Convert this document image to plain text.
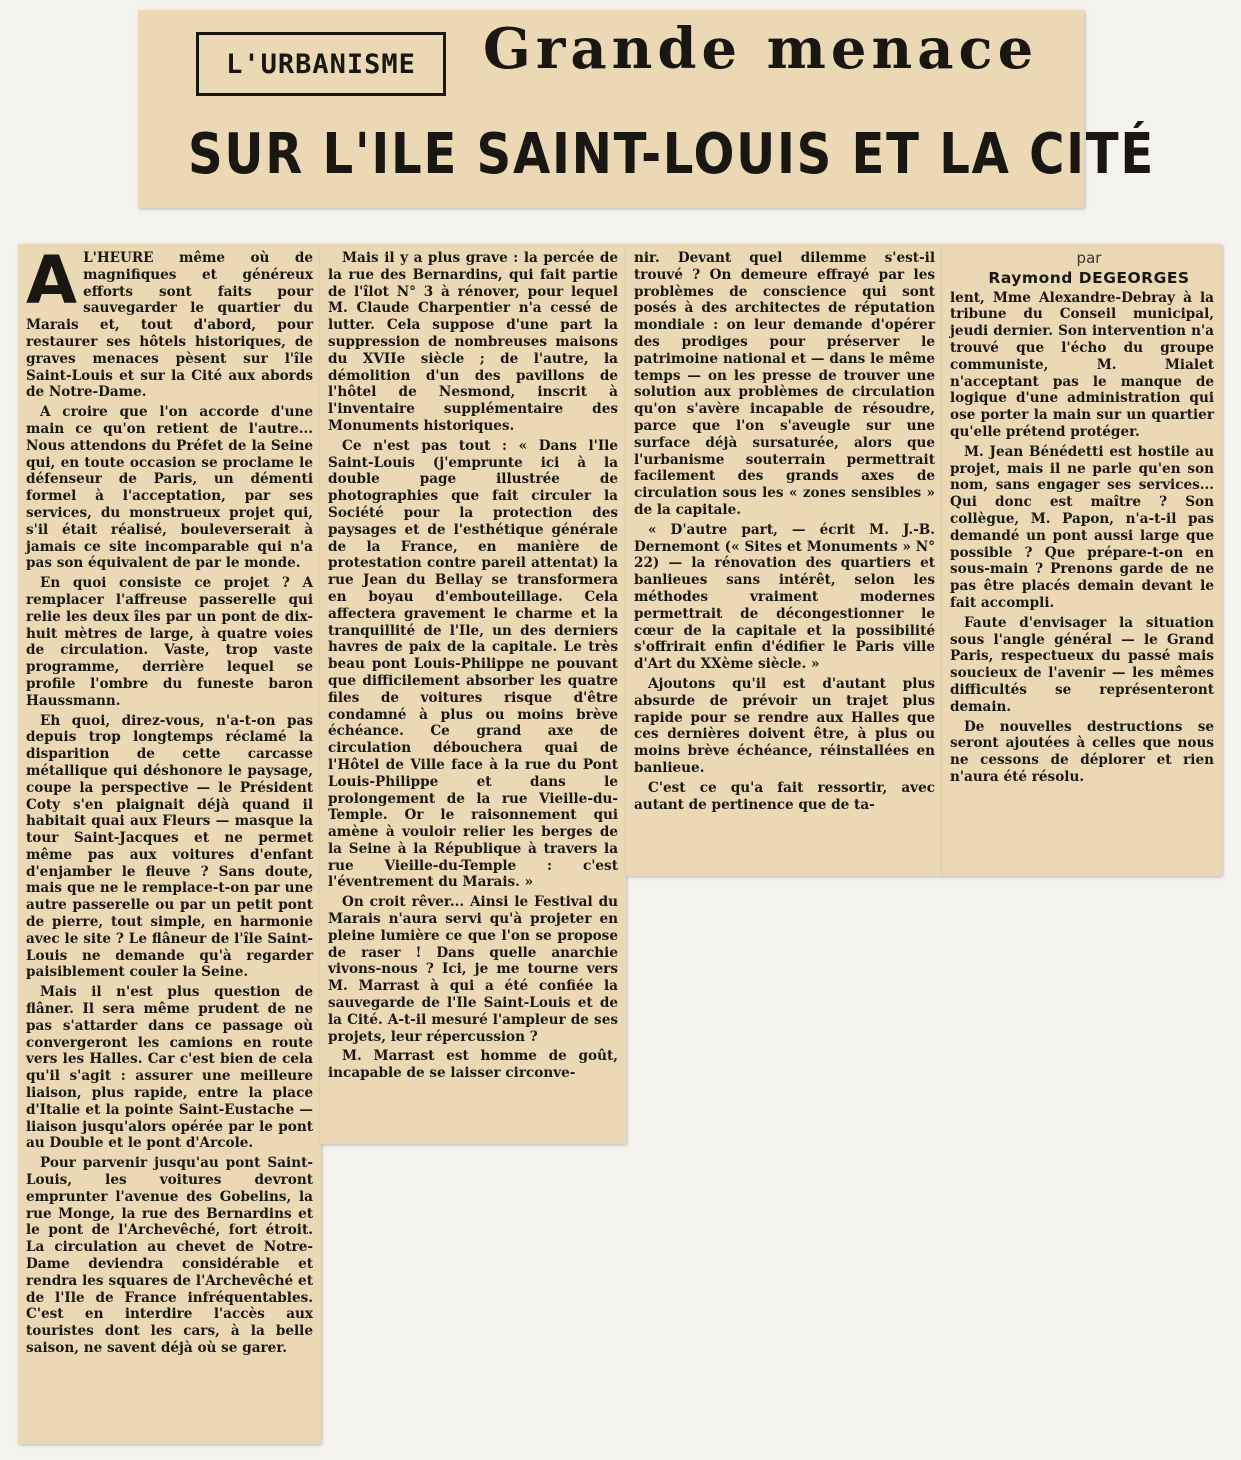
L'URBANISME	Grande menace
SUR L'ILE SAINT-LOUIS ET LA CITÉ
A L'HEURE même où de magnifiques et généreux efforts sont faits pour sauvegarder le quartier du Marais et, tout d'abord, pour restaurer ses hôtels historiques, de graves menaces pèsent sur l'île Saint-Louis et sur la Cité aux abords de Notre-Dame.

A croire que l'on accorde d'une main ce qu'on retient de l'autre... Nous attendons du Préfet de la Seine qui, en toute occasion se proclame le défenseur de Paris, un démenti formel à l'acceptation, par ses services, du monstrueux projet qui, s'il était réalisé, bouleverserait à jamais ce site incomparable qui n'a pas son équivalent de par le monde.

En quoi consiste ce projet ? A remplacer l'affreuse passerelle qui relie les deux îles par un pont de dix-huit mètres de large, à quatre voies de circulation. Vaste, trop vaste programme, derrière lequel se profile l'ombre du funeste baron Haussmann.

Eh quoi, direz-vous, n'a-t-on pas depuis trop longtemps réclamé la disparition de cette carcasse métallique qui déshonore le paysage, coupe la perspective — le Président Coty s'en plaignait déjà quand il habitait quai aux Fleurs — masque la tour Saint-Jacques et ne permet même pas aux voitures d'enfant d'enjamber le fleuve ? Sans doute, mais que ne le remplace-t-on par une autre passerelle ou par un petit pont de pierre, tout simple, en harmonie avec le site ? Le flâneur de l'île Saint-Louis ne demande qu'à regarder paisiblement couler la Seine.

Mais il n'est plus question de flâner. Il sera même prudent de ne pas s'attarder dans ce passage où convergeront les camions en route vers les Halles. Car c'est bien de cela qu'il s'agit : assurer une meilleure liaison, plus rapide, entre la place d'Italie et la pointe Saint-Eustache — liaison jusqu'alors opérée par le pont au Double et le pont d'Arcole.

Pour parvenir jusqu'au pont Saint-Louis, les voitures devront emprunter l'avenue des Gobelins, la rue Monge, la rue des Bernardins et le pont de l'Archevêché, fort étroit. La circulation au chevet de Notre-Dame deviendra considérable et rendra les squares de l'Archevêché et de l'Ile de France infréquentables. C'est en interdire l'accès aux touristes dont les cars, à la belle saison, ne savent déjà où se garer.

Mais il y a plus grave : la percée de la rue des Bernardins, qui fait partie de l'îlot N° 3 à rénover, pour lequel M. Claude Charpentier n'a cessé de lutter. Cela suppose d'une part la suppression de nombreuses maisons du XVIIe siècle ; de l'autre, la démolition d'un des pavillons de l'hôtel de Nesmond, inscrit à l'inventaire supplémentaire des Monuments historiques.

Ce n'est pas tout : « Dans l'Ile Saint-Louis (j'emprunte ici à la double page illustrée de photographies que fait circuler la Société pour la protection des paysages et de l'esthétique générale de la France, en manière de protestation contre pareil attentat) la rue Jean du Bellay se transformera en boyau d'embouteillage. Cela affectera gravement le charme et la tranquillité de l'Ile, un des derniers havres de paix de la capitale. Le très beau pont Louis-Philippe ne pouvant que difficilement absorber les quatre files de voitures risque d'être condamné à plus ou moins brève échéance. Ce grand axe de circulation débouchera quai de l'Hôtel de Ville face à la rue du Pont Louis-Philippe et dans le prolongement de la rue Vieille-du-Temple. Or le raisonnement qui amène à vouloir relier les berges de la Seine à la République à travers la rue Vieille-du-Temple : c'est l'éventrement du Marais. »

On croit rêver... Ainsi le Festival du Marais n'aura servi qu'à projeter en pleine lumière ce que l'on se propose de raser ! Dans quelle anarchie vivons-nous ? Ici, je me tourne vers M. Marrast à qui a été confiée la sauvegarde de l'Ile Saint-Louis et de la Cité. A-t-il mesuré l'ampleur de ses projets, leur répercussion ?

M. Marrast est homme de goût, incapable de se laisser circonve-

nir. Devant quel dilemme s'est-il trouvé ? On demeure effrayé par les problèmes de conscience qui sont posés à des architectes de réputation mondiale : on leur demande d'opérer des prodiges pour préserver le patrimoine national et — dans le même temps — on les presse de trouver une solution aux problèmes de circulation qu'on s'avère incapable de résoudre, parce que l'on s'aveugle sur une surface déjà sursaturée, alors que l'urbanisme souterrain permettrait facilement des grands axes de circulation sous les « zones sensibles » de la capitale.

« D'autre part, — écrit M. J.-B. Dernemont (« Sites et Monuments » N° 22) — la rénovation des quartiers et banlieues sans intérêt, selon les méthodes vraiment modernes permettrait de décongestionner le cœur de la capitale et la possibilité s'offrirait enfin d'édifier le Paris ville d'Art du XXème siècle. »

Ajoutons qu'il est d'autant plus absurde de prévoir un trajet plus rapide pour se rendre aux Halles que ces dernières doivent être, à plus ou moins brève échéance, réinstallées en banlieue.

C'est ce qu'a fait ressortir, avec autant de pertinence que de ta-

par

Raymond DEGEORGES

lent, Mme Alexandre-Debray à la tribune du Conseil municipal, jeudi dernier. Son intervention n'a trouvé que l'écho du groupe communiste, M. Mialet n'acceptant pas le manque de logique d'une administration qui ose porter la main sur un quartier qu'elle prétend protéger.

M. Jean Bénédetti est hostile au projet, mais il ne parle qu'en son nom, sans engager ses services... Qui donc est maître ? Son collègue, M. Papon, n'a-t-il pas demandé un pont aussi large que possible ? Que prépare-t-on en sous-main ? Prenons garde de ne pas être placés demain devant le fait accompli.

Faute d'envisager la situation sous l'angle général — le Grand Paris, respectueux du passé mais soucieux de l'avenir — les mêmes difficultés se représenteront demain.

De nouvelles destructions se seront ajoutées à celles que nous ne cessons de déplorer et rien n'aura été résolu.
